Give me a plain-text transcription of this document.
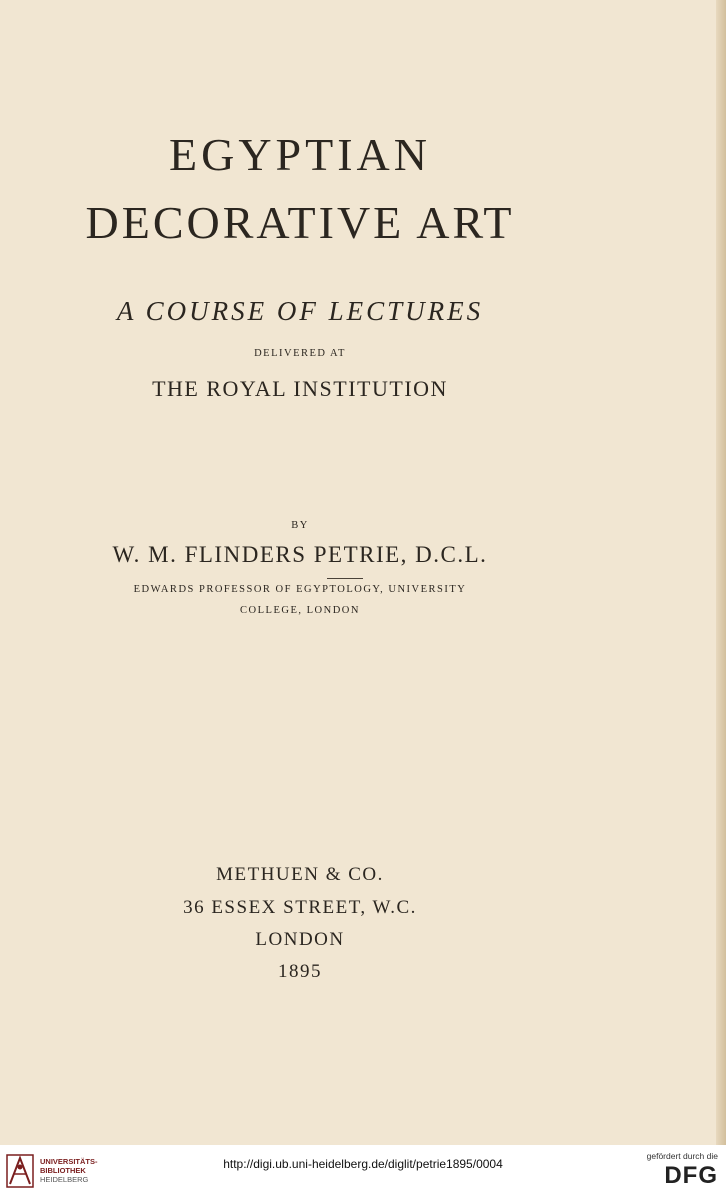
EGYPTIAN
DECORATIVE ART
A COURSE OF LECTURES
DELIVERED AT
THE ROYAL INSTITUTION
BY
W. M. FLINDERS PETRIE, D.C.L.
EDWARDS PROFESSOR OF EGYPTOLOGY, UNIVERSITY
COLLEGE, LONDON
METHUEN & CO.
36 ESSEX STREET, W.C.
LONDON
1895
UNIVERSITÄTS-
BIBLIOTHEK
HEIDELBERG
http://digi.ub.uni-heidelberg.de/diglit/petrie1895/0004
gefördert durch die
DFG
